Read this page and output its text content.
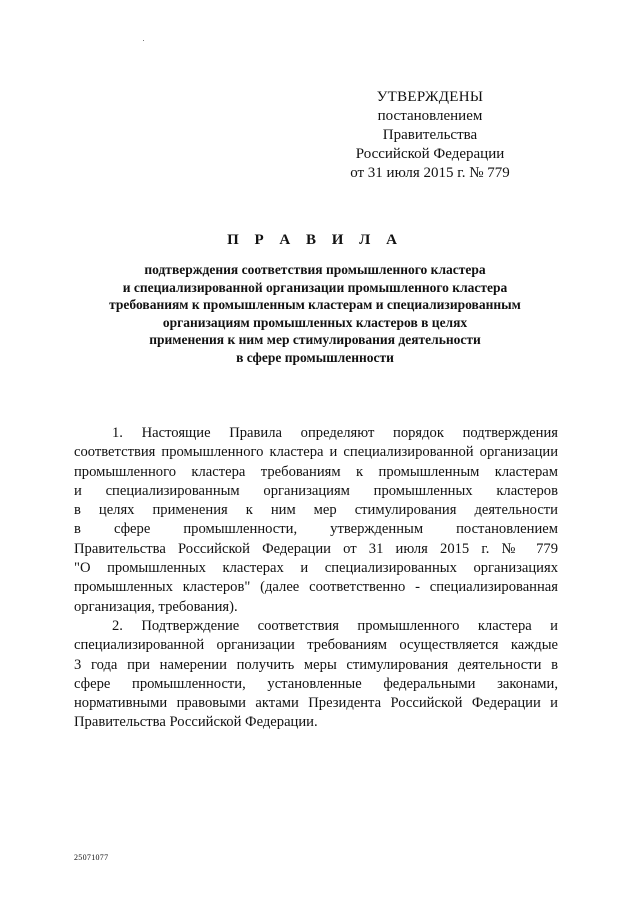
УТВЕРЖДЕНЫ
постановлением Правительства
Российской Федерации
от 31 июля 2015 г. № 779
П Р А В И Л А
подтверждения соответствия промышленного кластера
и специализированной организации промышленного кластера
требованиям к промышленным кластерам и специализированным
организациям промышленных кластеров в целях
применения к ним мер стимулирования деятельности
в сфере промышленности
1. Настоящие Правила определяют порядок подтверждения
соответствия промышленного кластера и специализированной организации
промышленного кластера требованиям к промышленным кластерам
и специализированным организациям промышленных кластеров
в целях применения к ним мер стимулирования деятельности
в сфере промышленности, утвержденным постановлением
Правительства Российской Федерации от 31 июля 2015 г. № 779
"О промышленных кластерах и специализированных организациях
промышленных кластеров" (далее соответственно - специализированная
организация, требования).
2. Подтверждение соответствия промышленного кластера и
специализированной организации требованиям осуществляется каждые
3 года при намерении получить меры стимулирования деятельности в
сфере промышленности, установленные федеральными законами,
нормативными правовыми актами Президента Российской Федерации и
Правительства Российской Федерации.
25071077
